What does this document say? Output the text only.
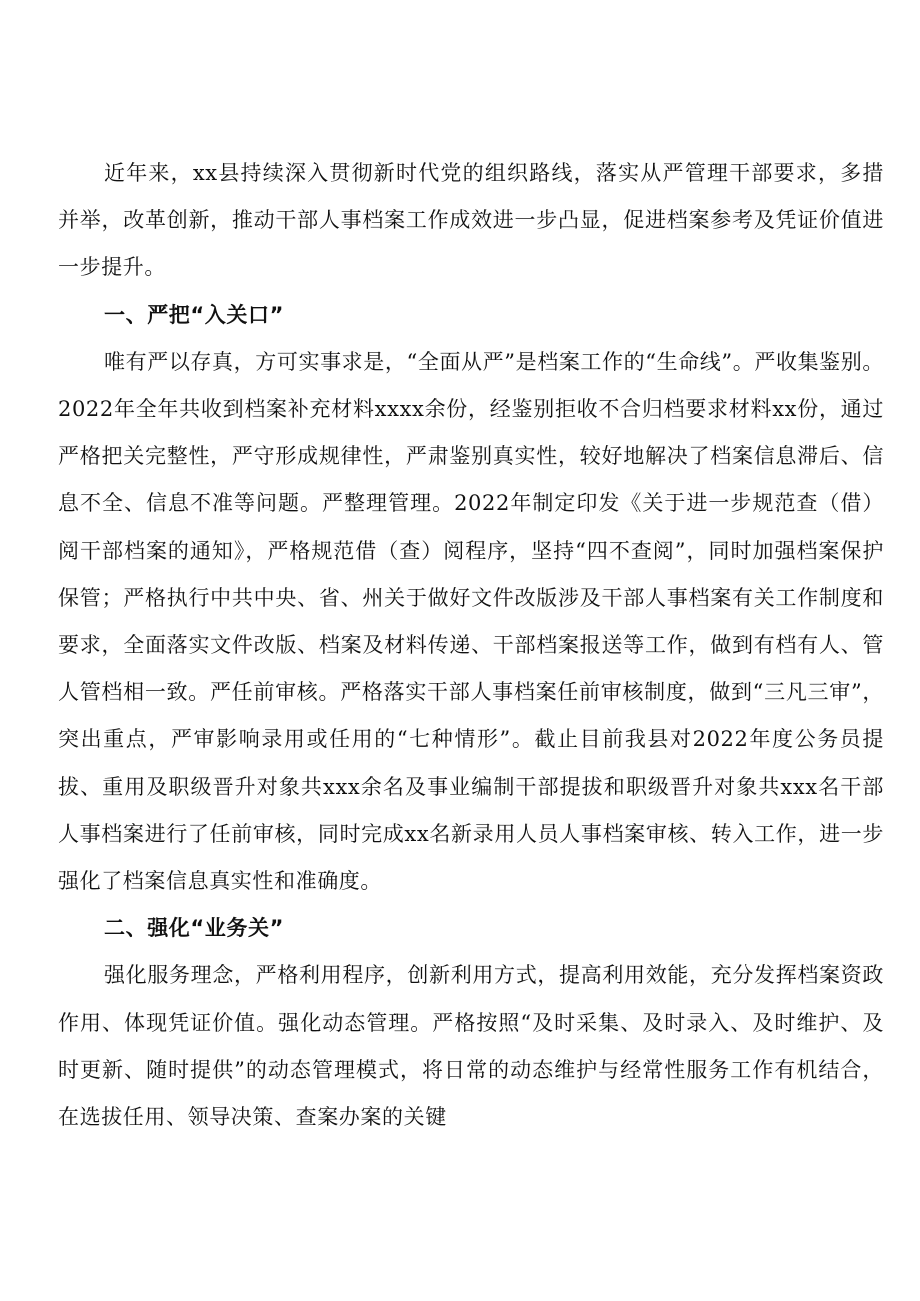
近年来，xx县持续深入贯彻新时代党的组织路线，落实从严管理干部要求，多措并举，改革创新，推动干部人事档案工作成效进一步凸显，促进档案参考及凭证价值进一步提升。

一、严把“入关口”

唯有严以存真，方可实事求是，“全面从严”是档案工作的“生命线”。严收集鉴别。2022年全年共收到档案补充材料xxxx余份，经鉴别拒收不合归档要求材料xx份，通过严格把关完整性，严守形成规律性，严肃鉴别真实性，较好地解决了档案信息滞后、信息不全、信息不准等问题。严整理管理。2022年制定印发《关于进一步规范查（借）阅干部档案的通知》，严格规范借（查）阅程序，坚持“四不查阅”，同时加强档案保护保管；严格执行中共中央、省、州关于做好文件改版涉及干部人事档案有关工作制度和要求，全面落实文件改版、档案及材料传递、干部档案报送等工作，做到有档有人、管人管档相一致。严任前审核。严格落实干部人事档案任前审核制度，做到“三凡三审”，突出重点，严审影响录用或任用的“七种情形”。截止目前我县对2022年度公务员提拔、重用及职级晋升对象共xxx余名及事业编制干部提拔和职级晋升对象共xxx名干部人事档案进行了任前审核，同时完成xx名新录用人员人事档案审核、转入工作，进一步强化了档案信息真实性和准确度。

二、强化“业务关”

强化服务理念，严格利用程序，创新利用方式，提高利用效能，充分发挥档案资政作用、体现凭证价值。强化动态管理。严格按照“及时采集、及时录入、及时维护、及时更新、随时提供”的动态管理模式，将日常的动态维护与经常性服务工作有机结合，在选拔任用、领导决策、查案办案的关键
